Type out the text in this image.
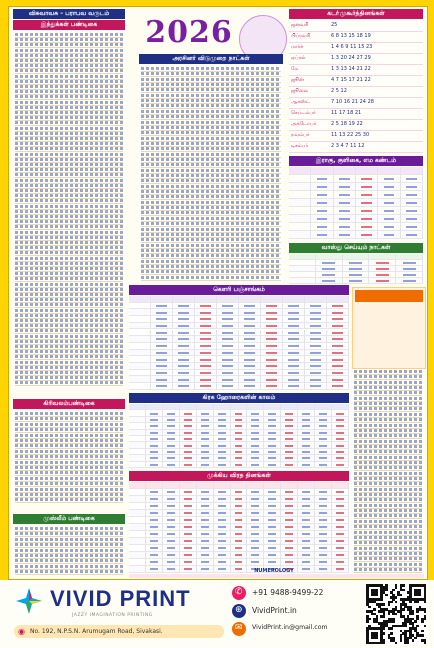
விசுவாவசு – பராபவ வருடம்
இந்துக்கள் பண்டிகை
கிரிவலம்பண்டிகை
முஸ்லீம் பண்டிகை
2026
அரசினர் விடுமுறை நாட்கள்
கடா்முகூர்த்தினங்கள்
ஜனவரி	25
பிப்ரவரி	6 8 13 15 18 19
மார்ச்	1 4 6 9 11 15 23
ஏப்ரல்	1 3 20 24 27 29
மே	1 3 13 14 21 22
ஜூன்	4 7 15 17 21 22
ஜூலை	2 5 12
ஆகஸ்ட்	7 10 16 21 24 28
செப்டம்பர்	11 17 18 21
அக்டோபர்	2 5 18 19 22
நவம்பர்	11 13 22 25 30
டிசம்பர்	2 3 4 7 11 12
இராகு, குளிகை, எம கண்டம்
வாஸ்து செய்யும் நாட்கள்
கௌரி பஞ்சாங்கம்
கிரக ஹோரைகளின் காலம்
முக்கிய விரத தினங்கள்
NUMEROLOGY
VIVID PRINT
JAZZY IMAGINATION PRINTING
◉ No. 192, N.P.S.N. Arumugam Road, Sivakasi.
✆ +91 9488-9499-22
⊕ VividPrint.in
✉ VividPrint.in@gmail.com
